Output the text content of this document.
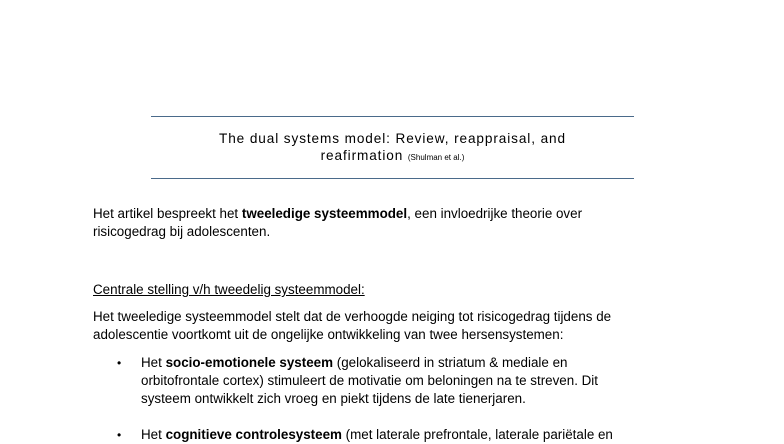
The dual systems model: Review, reappraisal, and
reafirmation (Shulman et al.)
Het artikel bespreekt het tweeledige systeemmodel, een invloedrijke theorie over
risicogedrag bij adolescenten.
Centrale stelling v/h tweedelig systeemmodel:
Het tweeledige systeemmodel stelt dat de verhoogde neiging tot risicogedrag tijdens de
adolescentie voortkomt uit de ongelijke ontwikkeling van twee hersensystemen:
• Het socio-emotionele systeem (gelokaliseerd in striatum & mediale en
orbitofrontale cortex) stimuleert de motivatie om beloningen na te streven. Dit
systeem ontwikkelt zich vroeg en piekt tijdens de late tienerjaren.
• Het cognitieve controlesysteem (met laterale prefrontale, laterale pariëtale en
